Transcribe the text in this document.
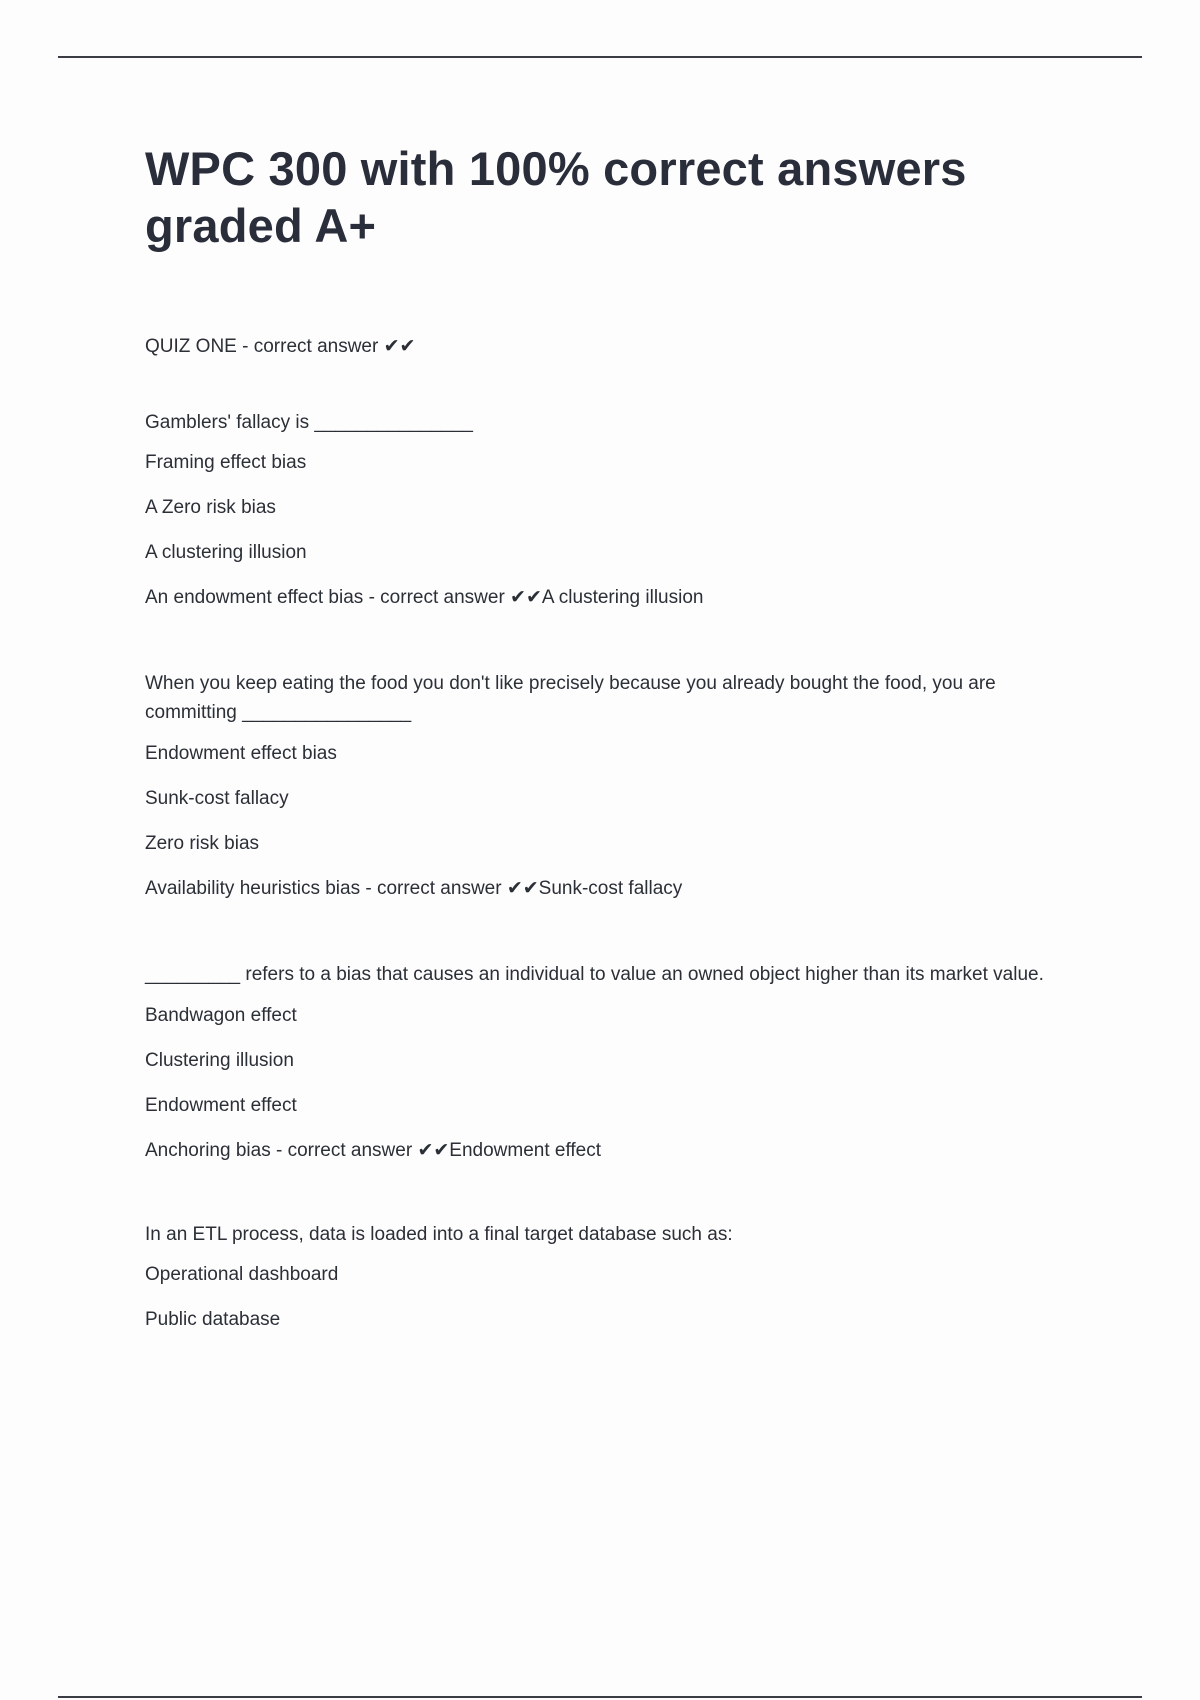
WPC 300 with 100% correct answers graded A+
QUIZ ONE - correct answer ✔✔
Gamblers' fallacy is _______________
Framing effect bias
A Zero risk bias
A clustering illusion
An endowment effect bias - correct answer ✔✔A clustering illusion
When you keep eating the food you don't like precisely because you already bought the food, you are committing ________________
Endowment effect bias
Sunk-cost fallacy
Zero risk bias
Availability heuristics bias - correct answer ✔✔Sunk-cost fallacy
_________ refers to a bias that causes an individual to value an owned object higher than its market value.
Bandwagon effect
Clustering illusion
Endowment effect
Anchoring bias - correct answer ✔✔Endowment effect
In an ETL process, data is loaded into a final target database such as:
Operational dashboard
Public database
